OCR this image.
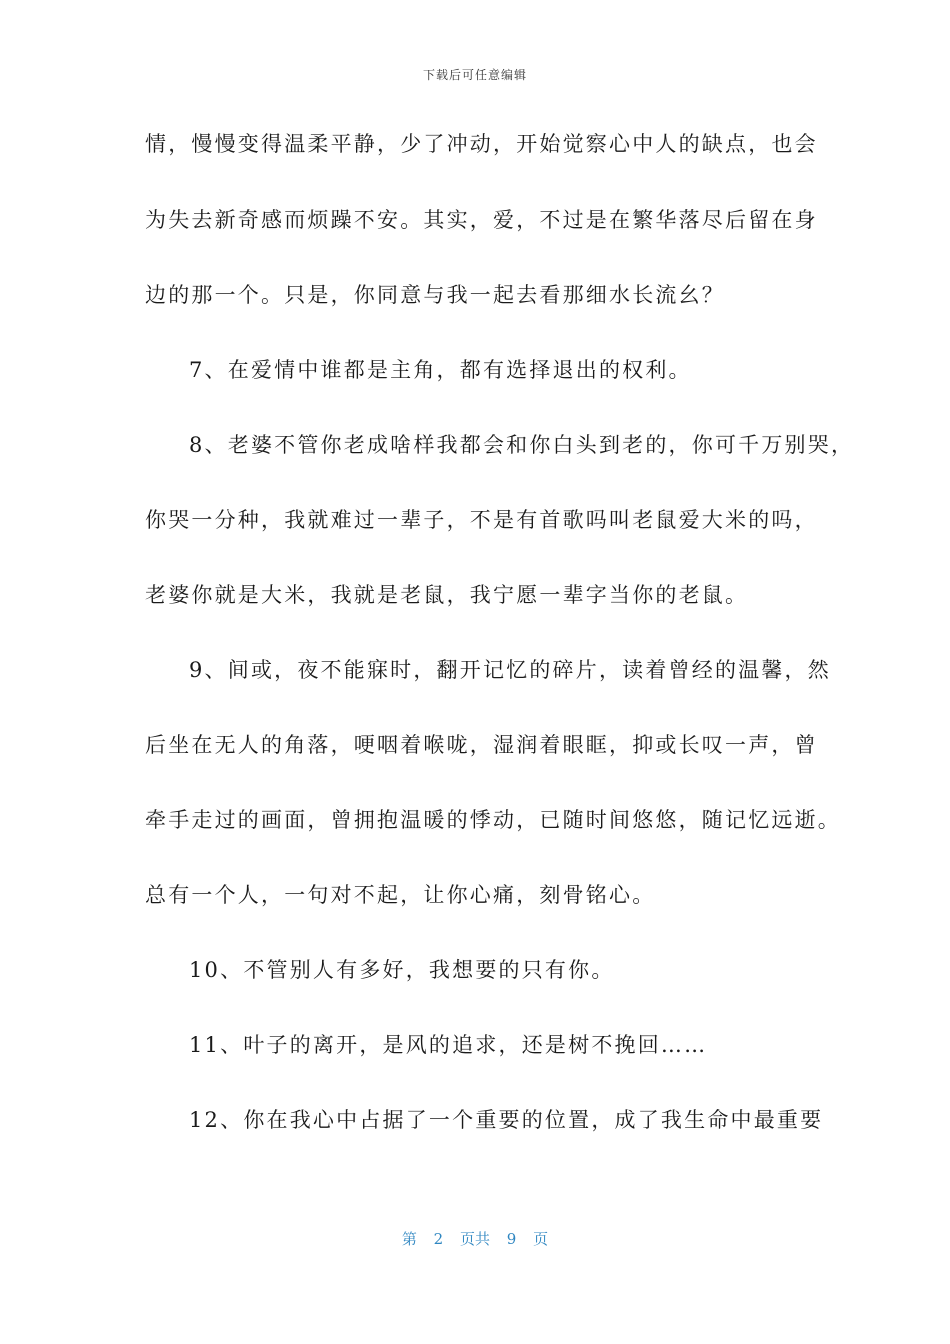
下载后可任意编辑
情，慢慢变得温柔平静，少了冲动，开始觉察心中人的缺点，也会
为失去新奇感而烦躁不安。其实，爱，不过是在繁华落尽后留在身
边的那一个。只是，你同意与我一起去看那细水长流幺？
7、在爱情中谁都是主角，都有选择退出的权利。
8、老婆不管你老成啥样我都会和你白头到老的，你可千万别哭，
你哭一分种，我就难过一辈子，不是有首歌吗叫老鼠爱大米的吗，
老婆你就是大米，我就是老鼠，我宁愿一辈字当你的老鼠。
9、间或，夜不能寐时，翻开记忆的碎片，读着曾经的温馨，然
后坐在无人的角落，哽咽着喉咙，湿润着眼眶，抑或长叹一声，曾
牵手走过的画面，曾拥抱温暖的悸动，已随时间悠悠，随记忆远逝。
总有一个人，一句对不起，让你心痛，刻骨铭心。
10、不管别人有多好，我想要的只有你。
11、叶子的离开，是风的追求，还是树不挽回……
12、你在我心中占据了一个重要的位置，成了我生命中最重要
第 2 页共 9 页
